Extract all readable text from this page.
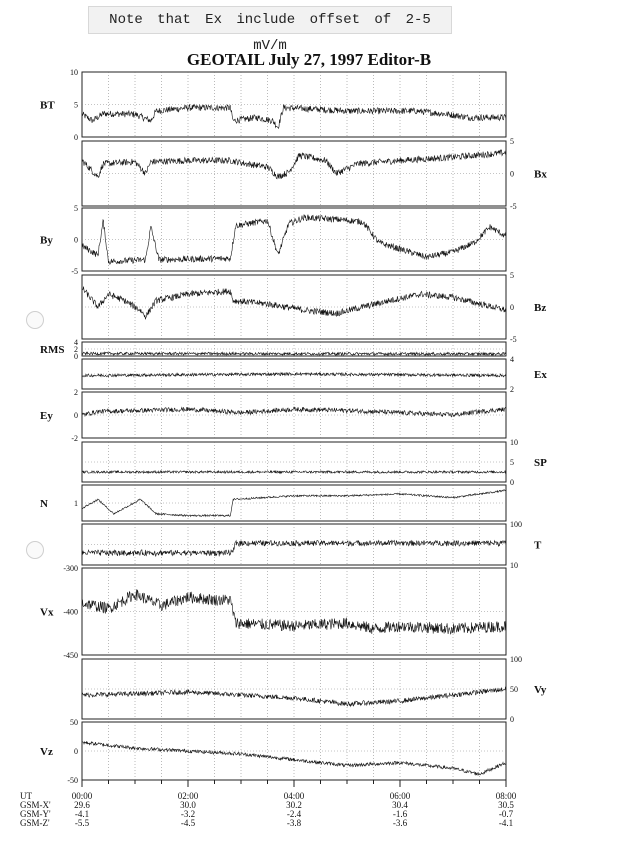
Note that Ex include offset of 2-5 mV/m
GEOTAIL July 27, 1997 Editor-B
10
5
0
BT
5
0
-5
Bx
5
0
-5
By
5
0
-5
Bz
4
2
0
RMS
4
2
Ex
2
0
-2
Ey
10
5
0
SP
1
N
100
10
T
-300
-400
-450
Vx
100
50
0
Vy
50
0
-50
Vz
UT	00:00	02:00	04:00	06:00	08:00
GSM-X'	29.6	30.0	30.2	30.4	30.5
GSM-Y'	-4.1	-3.2	-2.4	-1.6	-0.7
GSM-Z'	-5.5	-4.5	-3.8	-3.6	-4.1
